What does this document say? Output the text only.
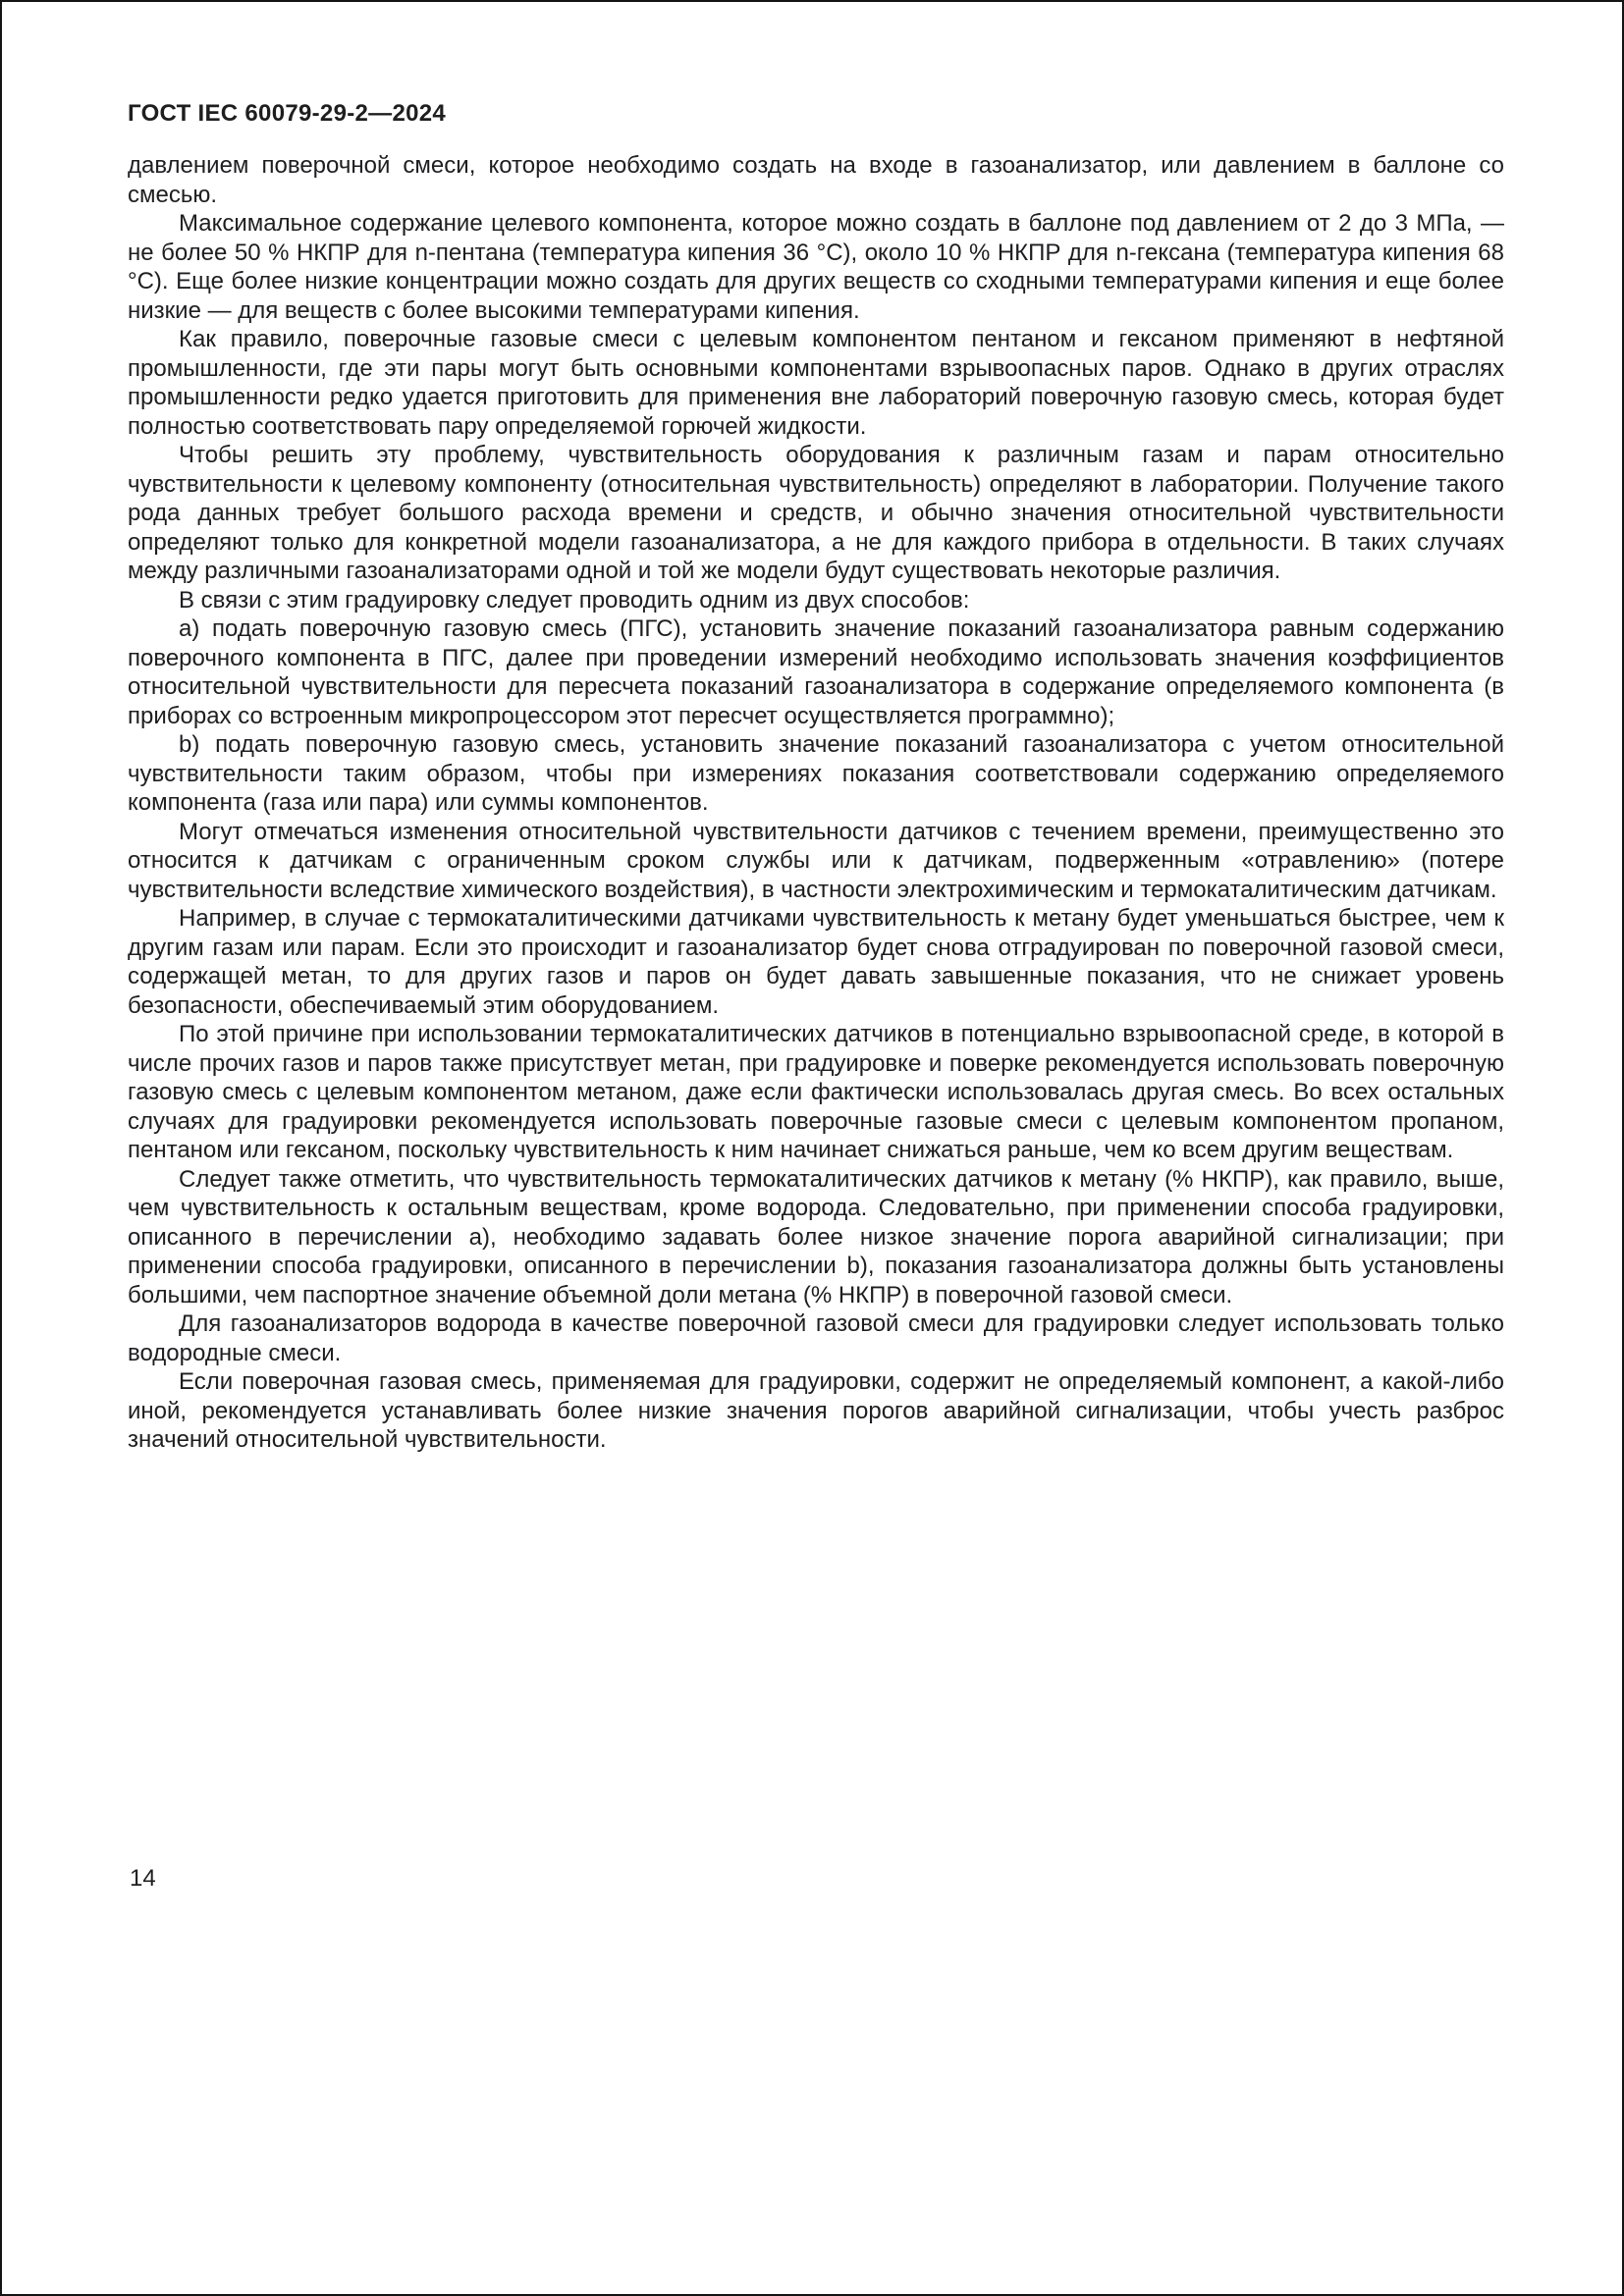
ГОСТ IEC 60079-29-2—2024

давлением поверочной смеси, которое необходимо создать на входе в газоанализатор, или давлением в баллоне со смесью.

Максимальное содержание целевого компонента, которое можно создать в баллоне под давлением от 2 до 3 МПа, — не более 50 % НКПР для n-пентана (температура кипения 36 °С), около 10 % НКПР для n-гексана (температура кипения 68 °С). Еще более низкие концентрации можно создать для других веществ со сходными температурами кипения и еще более низкие — для веществ с более высокими температурами кипения.

Как правило, поверочные газовые смеси с целевым компонентом пентаном и гексаном применяют в нефтяной промышленности, где эти пары могут быть основными компонентами взрывоопасных паров. Однако в других отраслях промышленности редко удается приготовить для применения вне лабораторий поверочную газовую смесь, которая будет полностью соответствовать пару определяемой горючей жидкости.

Чтобы решить эту проблему, чувствительность оборудования к различным газам и парам относительно чувствительности к целевому компоненту (относительная чувствительность) определяют в лаборатории. Получение такого рода данных требует большого расхода времени и средств, и обычно значения относительной чувствительности определяют только для конкретной модели газоанализатора, а не для каждого прибора в отдельности. В таких случаях между различными газоанализаторами одной и той же модели будут существовать некоторые различия.

В связи с этим градуировку следует проводить одним из двух способов:

a) подать поверочную газовую смесь (ПГС), установить значение показаний газоанализатора равным содержанию поверочного компонента в ПГС, далее при проведении измерений необходимо использовать значения коэффициентов относительной чувствительности для пересчета показаний газоанализатора в содержание определяемого компонента (в приборах со встроенным микропроцессором этот пересчет осуществляется программно);

b) подать поверочную газовую смесь, установить значение показаний газоанализатора с учетом относительной чувствительности таким образом, чтобы при измерениях показания соответствовали содержанию определяемого компонента (газа или пара) или суммы компонентов.

Могут отмечаться изменения относительной чувствительности датчиков с течением времени, преимущественно это относится к датчикам с ограниченным сроком службы или к датчикам, подверженным «отравлению» (потере чувствительности вследствие химического воздействия), в частности электрохимическим и термокаталитическим датчикам.

Например, в случае с термокаталитическими датчиками чувствительность к метану будет уменьшаться быстрее, чем к другим газам или парам. Если это происходит и газоанализатор будет снова отградуирован по поверочной газовой смеси, содержащей метан, то для других газов и паров он будет давать завышенные показания, что не снижает уровень безопасности, обеспечиваемый этим оборудованием.

По этой причине при использовании термокаталитических датчиков в потенциально взрывоопасной среде, в которой в числе прочих газов и паров также присутствует метан, при градуировке и поверке рекомендуется использовать поверочную газовую смесь с целевым компонентом метаном, даже если фактически использовалась другая смесь. Во всех остальных случаях для градуировки рекомендуется использовать поверочные газовые смеси с целевым компонентом пропаном, пентаном или гексаном, поскольку чувствительность к ним начинает снижаться раньше, чем ко всем другим веществам.

Следует также отметить, что чувствительность термокаталитических датчиков к метану (% НКПР), как правило, выше, чем чувствительность к остальным веществам, кроме водорода. Следовательно, при применении способа градуировки, описанного в перечислении a), необходимо задавать более низкое значение порога аварийной сигнализации; при применении способа градуировки, описанного в перечислении b), показания газоанализатора должны быть установлены большими, чем паспортное значение объемной доли метана (% НКПР) в поверочной газовой смеси.

Для газоанализаторов водорода в качестве поверочной газовой смеси для градуировки следует использовать только водородные смеси.

Если поверочная газовая смесь, применяемая для градуировки, содержит не определяемый компонент, а какой-либо иной, рекомендуется устанавливать более низкие значения порогов аварийной сигнализации, чтобы учесть разброс значений относительной чувствительности.

14
